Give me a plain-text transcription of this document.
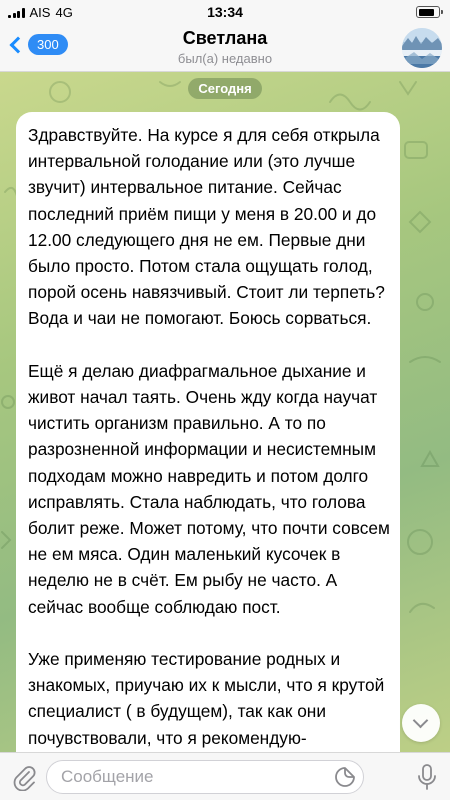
AIS 4G	13:34
300	Светлана
был(а) недавно
Сегодня

Здравствуйте. На курсе я для себя открыла интервальной голодание или (это лучше звучит) интервальное питание. Сейчас последний приём пищи у меня в 20.00 и до 12.00 следующего дня не ем. Первые дни было просто. Потом стала ощущать голод, порой осень навязчивый. Стоит ли терпеть? Вода и чаи не помогают. Боюсь сорваться.

Ещё я делаю диафрагмальное дыхание и живот начал таять. Очень жду когда научат чистить организм правильно. А то по разрозненной информации и несистемным подходам можно навредить и потом долго исправлять. Стала наблюдать, что голова болит реже. Может потому, что почти совсем не ем мяса. Один маленький кусочек в неделю не в счёт. Ем рыбу не часто. А сейчас вообще соблюдаю пост.

Уже применяю тестирование родных и знакомых, приучаю их к мысли, что я крутой специалист ( в будущем), так как они почувствовали, что я рекомендую-

Сообщение
